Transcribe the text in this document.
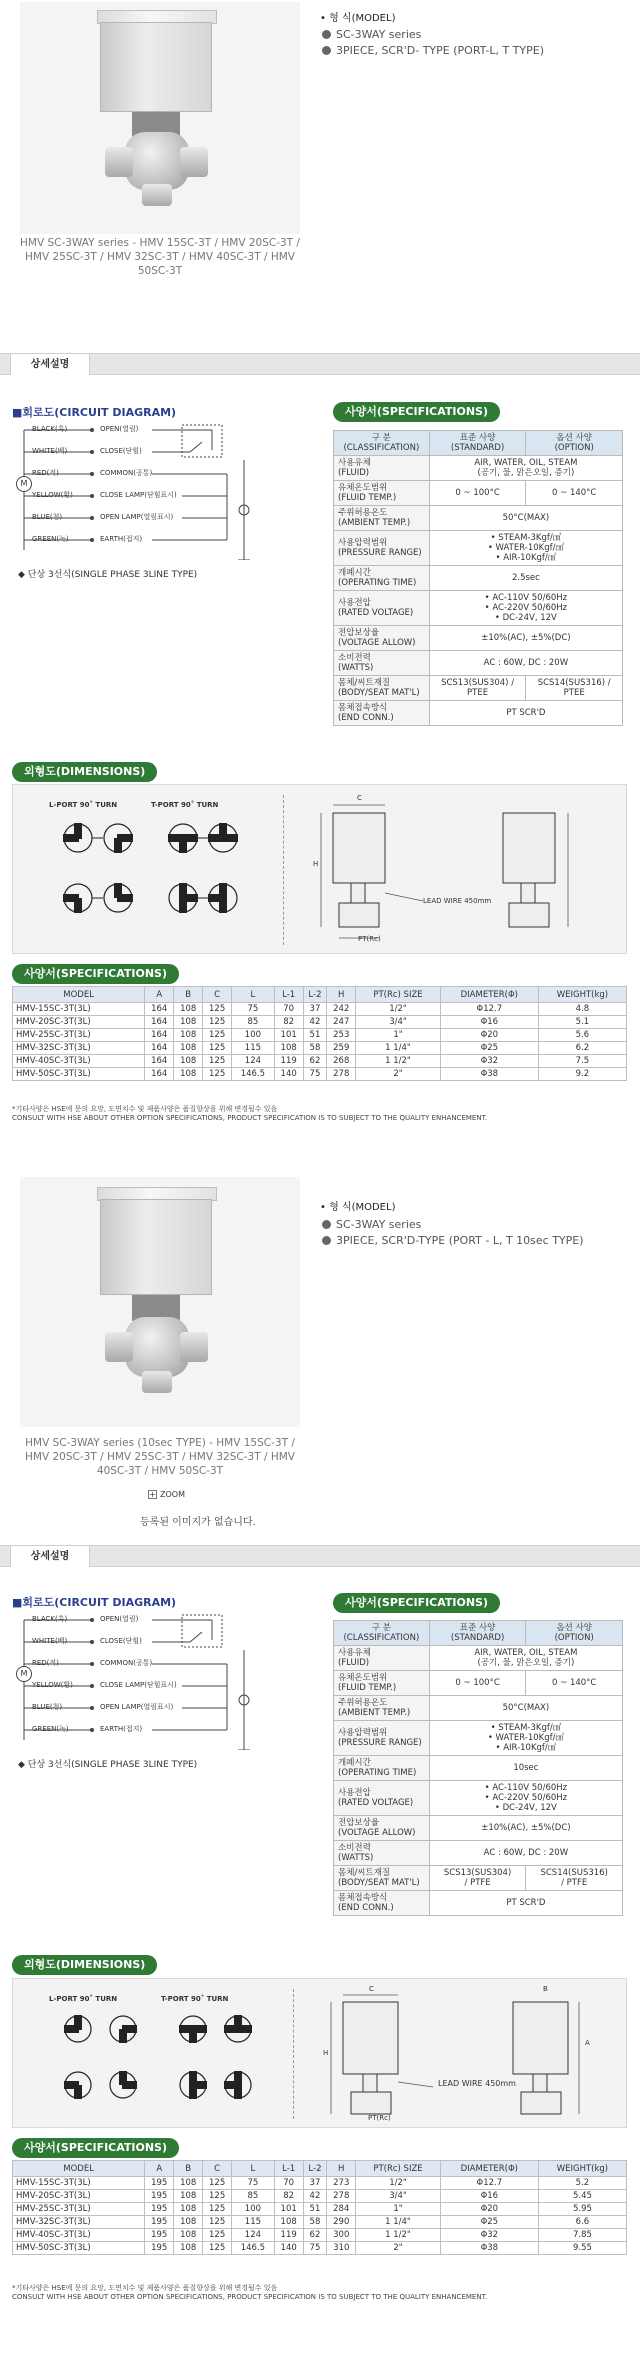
HMV SC-3WAY series - HMV 15SC-3T / HMV 20SC-3T / HMV 25SC-3T / HMV 32SC-3T / HMV 40SC-3T / HMV 50SC-3T
• 형 식(MODEL)
SC-3WAY series
3PIECE, SCR'D- TYPE (PORT-L, T TYPE)
상세설명
■회로도(CIRCUIT DIAGRAM)	사양서(SPECIFICATIONS)
M
BLACK(흑)
WHITE(백)
RED(적)
YELLOW(황)
BLUE(청)
GREEN(녹)
OPEN(열림)
CLOSE(닫힘)
COMMON(공통)
CLOSE LAMP(닫힘표시)
OPEN LAMP(열림표시)
EARTH(접지)
◆ 단상 3선식(SINGLE PHASE 3LINE TYPE)
구 분
(CLASSIFICATION)	표준 사양
(STANDARD)	옵션 사양
(OPTION)
사용유체
(FLUID)	AIR, WATER, OIL, STEAM
(공기, 물, 맑은오일, 증기)	
유체온도범위
(FLUID TEMP.)	0 ~ 100°C	0 ~ 140°C
주위허용온도
(AMBIENT TEMP.)	50°C(MAX)	
사용압력범위
(PRESSURE RANGE)	• STEAM-3Kgf/㎠
• WATER-10Kgf/㎠
• AIR-10Kgf/㎠	
개폐시간
(OPERATING TIME)	2.5sec	
사용전압
(RATED VOLTAGE)	• AC-110V 50/60Hz
• AC-220V 50/60Hz
• DC-24V, 12V	
전압보상율
(VOLTAGE ALLOW)	±10%(AC), ±5%(DC)	
소비전력
(WATTS)	AC : 60W, DC : 20W	
몸체/씨트재질
(BODY/SEAT MAT'L)	SCS13(SUS304) /
PTEE	SCS14(SUS316) /
PTEE
몸체접속방식
(END CONN.)	PT SCR'D	
외형도(DIMENSIONS)
L-PORT 90˚ TURN	T-PORT 90˚ TURN
LEAD WIRE 450mm
PT(Rc)
C
H
사양서(SPECIFICATIONS)
MODEL	A	B	C	L	L-1	L-2	H	PT(Rc) SIZE	DIAMETER(Φ)	WEIGHT(kg)
HMV-15SC-3T(3L)	164	108	125	75	70	37	242	1/2"	Φ12.7	4.8
HMV-20SC-3T(3L)	164	108	125	85	82	42	247	3/4"	Φ16	5.1
HMV-25SC-3T(3L)	164	108	125	100	101	51	253	1"	Φ20	5.6
HMV-32SC-3T(3L)	164	108	125	115	108	58	259	1 1/4"	Φ25	6.2
HMV-40SC-3T(3L)	164	108	125	124	119	62	268	1 1/2"	Φ32	7.5
HMV-50SC-3T(3L)	164	108	125	146.5	140	75	278	2"	Φ38	9.2
*기타사양은 HSE에 문의 요망, 도면치수 및 제품사양은 품질향상을 위해 변경될수 있음
CONSULT WITH HSE ABOUT OTHER OPTION SPECIFICATIONS, PRODUCT SPECIFICATION IS TO SUBJECT TO THE QUALITY ENHANCEMENT.
HMV SC-3WAY series (10sec TYPE) - HMV 15SC-3T / HMV 20SC-3T / HMV 25SC-3T / HMV 32SC-3T / HMV 40SC-3T / HMV 50SC-3T
+ ZOOM
등록된 이미지가 없습니다.
• 형 식(MODEL)
SC-3WAY series
3PIECE, SCR'D-TYPE (PORT - L, T 10sec TYPE)
상세설명
■회로도(CIRCUIT DIAGRAM)	사양서(SPECIFICATIONS)
M
BLACK(흑)
WHITE(백)
RED(적)
YELLOW(황)
BLUE(청)
GREEN(녹)
OPEN(열림)
CLOSE(닫힘)
COMMON(공통)
CLOSE LAMP(닫힘표시)
OPEN LAMP(열림표시)
EARTH(접지)
◆ 단상 3선식(SINGLE PHASE 3LINE TYPE)
구 분
(CLASSIFICATION)	표준 사양
(STANDARD)	옵션 사양
(OPTION)
사용유체
(FLUID)	AIR, WATER, OIL, STEAM
(공기, 물, 맑은오일, 증기)	
유체온도범위
(FLUID TEMP.)	0 ~ 100°C	0 ~ 140°C
주위허용온도
(AMBIENT TEMP.)	50°C(MAX)	
사용압력범위
(PRESSURE RANGE)	• STEAM-3Kgf/㎠
• WATER-10Kgf/㎠
• AIR-10Kgf/㎠	
개폐시간
(OPERATING TIME)	10sec	
사용전압
(RATED VOLTAGE)	• AC-110V 50/60Hz
• AC-220V 50/60Hz
• DC-24V, 12V	
전압보상율
(VOLTAGE ALLOW)	±10%(AC), ±5%(DC)	
소비전력
(WATTS)	AC : 60W, DC : 20W	
몸체/씨트재질
(BODY/SEAT MAT'L)	SCS13(SUS304)
/ PTFE	SCS14(SUS316)
/ PTFE
몸체접속방식
(END CONN.)	PT SCR'D	
외형도(DIMENSIONS)
L-PORT 90˚ TURN	T-PORT 90˚ TURN
LEAD WIRE 450mm
PT(Rc)
C	B
A
H
사양서(SPECIFICATIONS)
MODEL	A	B	C	L	L-1	L-2	H	PT(Rc) SIZE	DIAMETER(Φ)	WEIGHT(kg)
HMV-15SC-3T(3L)	195	108	125	75	70	37	273	1/2"	Φ12.7	5.2
HMV-20SC-3T(3L)	195	108	125	85	82	42	278	3/4"	Φ16	5.45
HMV-25SC-3T(3L)	195	108	125	100	101	51	284	1"	Φ20	5.95
HMV-32SC-3T(3L)	195	108	125	115	108	58	290	1 1/4"	Φ25	6.6
HMV-40SC-3T(3L)	195	108	125	124	119	62	300	1 1/2"	Φ32	7.85
HMV-50SC-3T(3L)	195	108	125	146.5	140	75	310	2"	Φ38	9.55
*기타사양은 HSE에 문의 요망, 도면치수 및 제품사양은 품질향상을 위해 변경될수 있음
CONSULT WITH HSE ABOUT OTHER OPTION SPECIFICATIONS, PRODUCT SPECIFICATION IS TO SUBJECT TO THE QUALITY ENHANCEMENT.
